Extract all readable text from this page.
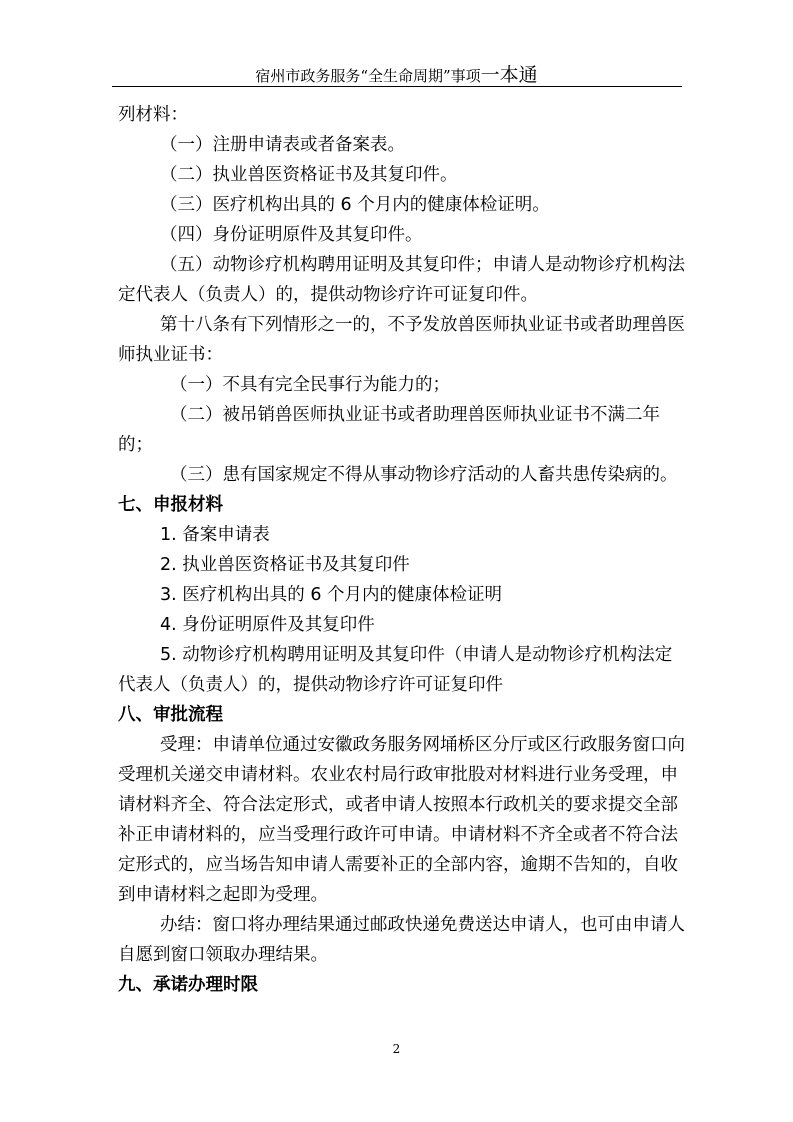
宿州市政务服务“全生命周期”事项一本通

列材料：

（一）注册申请表或者备案表。

（二）执业兽医资格证书及其复印件。

（三）医疗机构出具的 6 个月内的健康体检证明。

（四）身份证明原件及其复印件。

（五）动物诊疗机构聘用证明及其复印件；申请人是动物诊疗机构法定代表人（负责人）的，提供动物诊疗许可证复印件。

第十八条有下列情形之一的，不予发放兽医师执业证书或者助理兽医师执业证书：

（一）不具有完全民事行为能力的；

（二）被吊销兽医师执业证书或者助理兽医师执业证书不满二年的；

（三）患有国家规定不得从事动物诊疗活动的人畜共患传染病的。

七、申报材料

1. 备案申请表

2. 执业兽医资格证书及其复印件

3. 医疗机构出具的 6 个月内的健康体检证明

4. 身份证明原件及其复印件

5. 动物诊疗机构聘用证明及其复印件（申请人是动物诊疗机构法定代表人（负责人）的，提供动物诊疗许可证复印件

八、审批流程

受理：申请单位通过安徽政务服务网埇桥区分厅或区行政服务窗口向受理机关递交申请材料。农业农村局行政审批股对材料进行业务受理，申请材料齐全、符合法定形式，或者申请人按照本行政机关的要求提交全部补正申请材料的，应当受理行政许可申请。申请材料不齐全或者不符合法定形式的，应当场告知申请人需要补正的全部内容，逾期不告知的，自收到申请材料之起即为受理。

办结：窗口将办理结果通过邮政快递免费送达申请人，也可由申请人自愿到窗口领取办理结果。

九、承诺办理时限

2
